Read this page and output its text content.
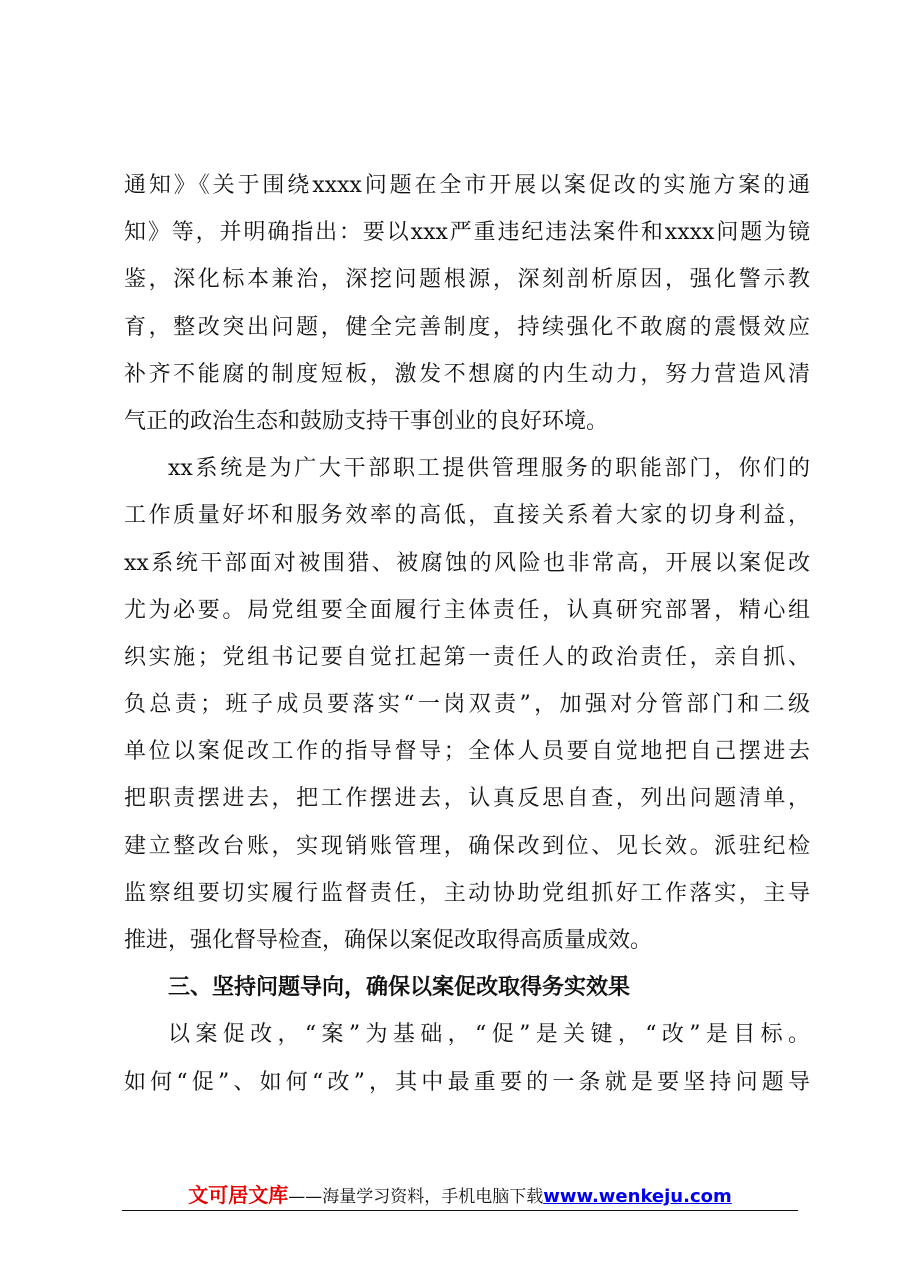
通知》《关于围绕xxxx问题在全市开展以案促改的实施方案的通
知》等，并明确指出：要以xxx严重违纪违法案件和xxxx问题为镜
鉴，深化标本兼治，深挖问题根源，深刻剖析原因，强化警示教
育，整改突出问题，健全完善制度，持续强化不敢腐的震慑效应
补齐不能腐的制度短板，激发不想腐的内生动力，努力营造风清
气正的政治生态和鼓励支持干事创业的良好环境。
xx系统是为广大干部职工提供管理服务的职能部门，你们的
工作质量好坏和服务效率的高低，直接关系着大家的切身利益，
xx系统干部面对被围猎、被腐蚀的风险也非常高，开展以案促改
尤为必要。局党组要全面履行主体责任，认真研究部署，精心组
织实施；党组书记要自觉扛起第一责任人的政治责任，亲自抓、
负总责；班子成员要落实“一岗双责”，加强对分管部门和二级
单位以案促改工作的指导督导；全体人员要自觉地把自己摆进去
把职责摆进去，把工作摆进去，认真反思自查，列出问题清单，
建立整改台账，实现销账管理，确保改到位、见长效。派驻纪检
监察组要切实履行监督责任，主动协助党组抓好工作落实，主导
推进，强化督导检查，确保以案促改取得高质量成效。
三、坚持问题导向，确保以案促改取得务实效果
以案促改，“案”为基础，“促”是关键，“改”是目标。
如何“促”、如何“改”，其中最重要的一条就是要坚持问题导
文可居文库——海量学习资料，手机电脑下载www.wenkeju.com
